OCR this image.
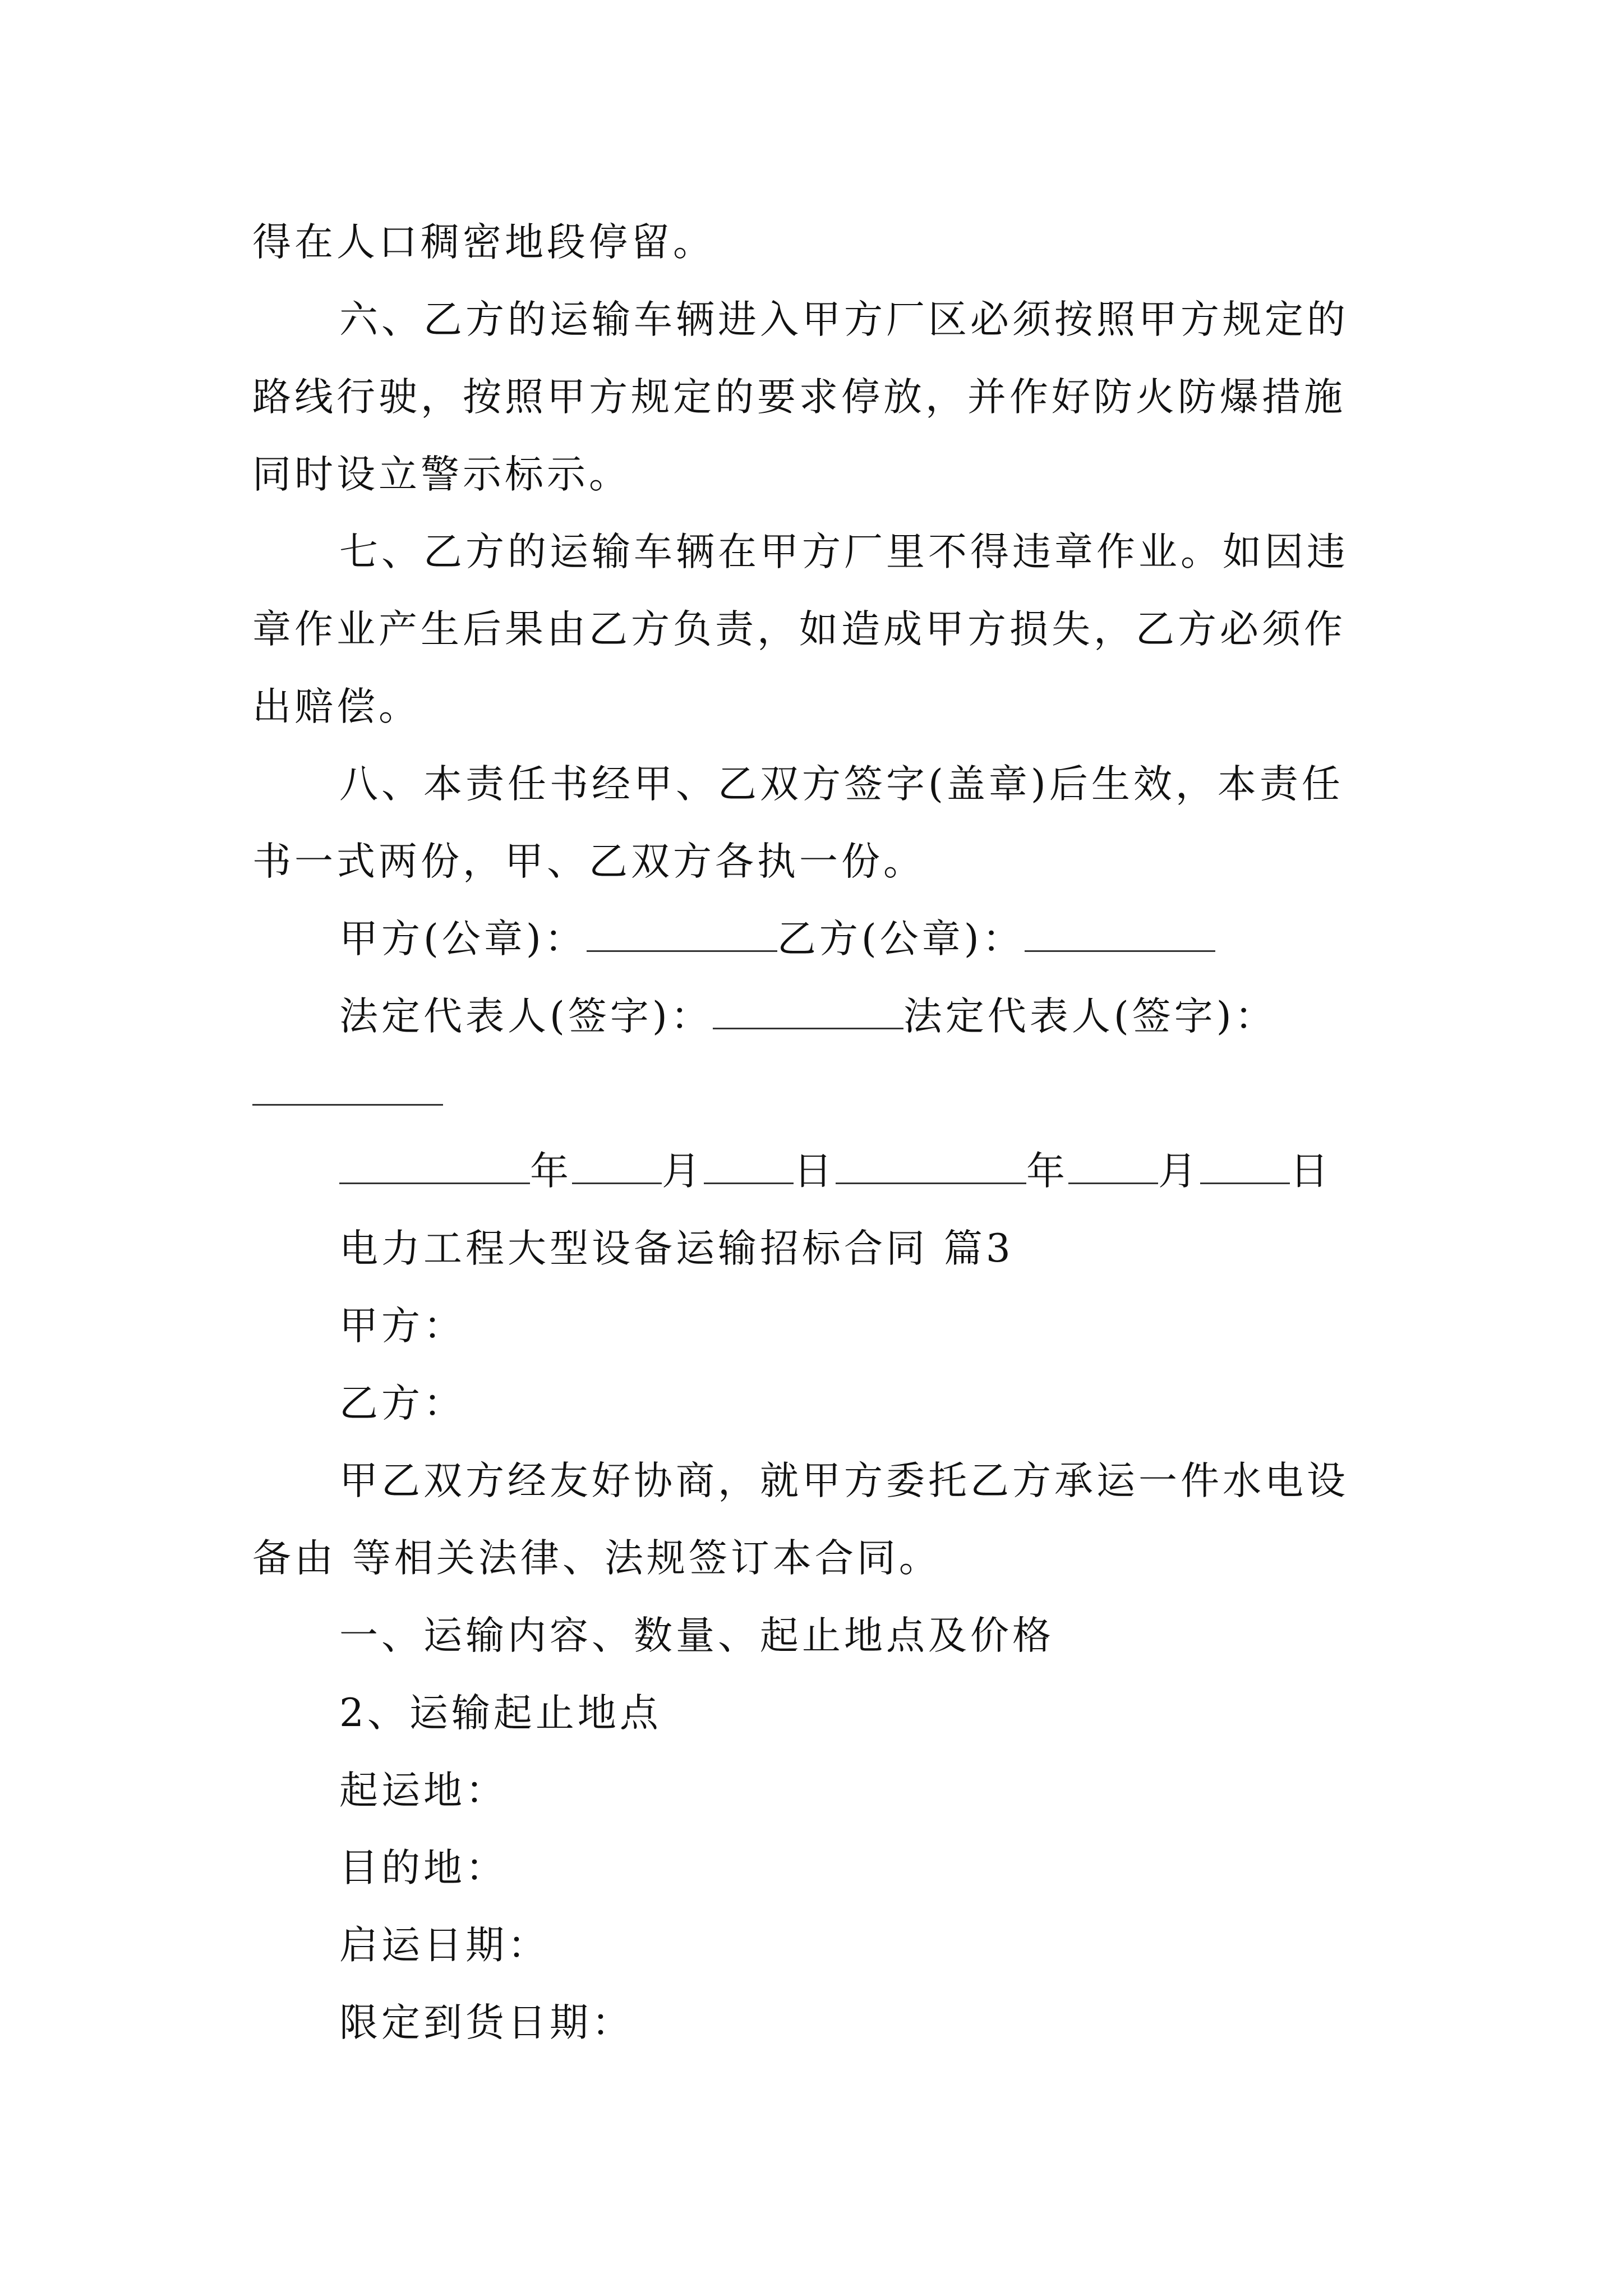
得在人口稠密地段停留。
六、乙方的运输车辆进入甲方厂区必须按照甲方规定的
路线行驶，按照甲方规定的要求停放，并作好防火防爆措施
同时设立警示标示。
七、乙方的运输车辆在甲方厂里不得违章作业。如因违
章作业产生后果由乙方负责，如造成甲方损失，乙方必须作
出赔偿。
八、本责任书经甲、乙双方签字(盖章)后生效，本责任
书一式两份，甲、乙双方各执一份。
甲方(公章)：	乙方(公章)：
法定代表人(签字)：	法定代表人(签字)：
年 月 日	年 月 日
电力工程大型设备运输招标合同 篇3
甲方：
乙方：
甲乙双方经友好协商，就甲方委托乙方承运一件水电设
备由 等相关法律、法规签订本合同。
一、运输内容、数量、起止地点及价格
2、运输起止地点
起运地：
目的地：
启运日期：
限定到货日期：
